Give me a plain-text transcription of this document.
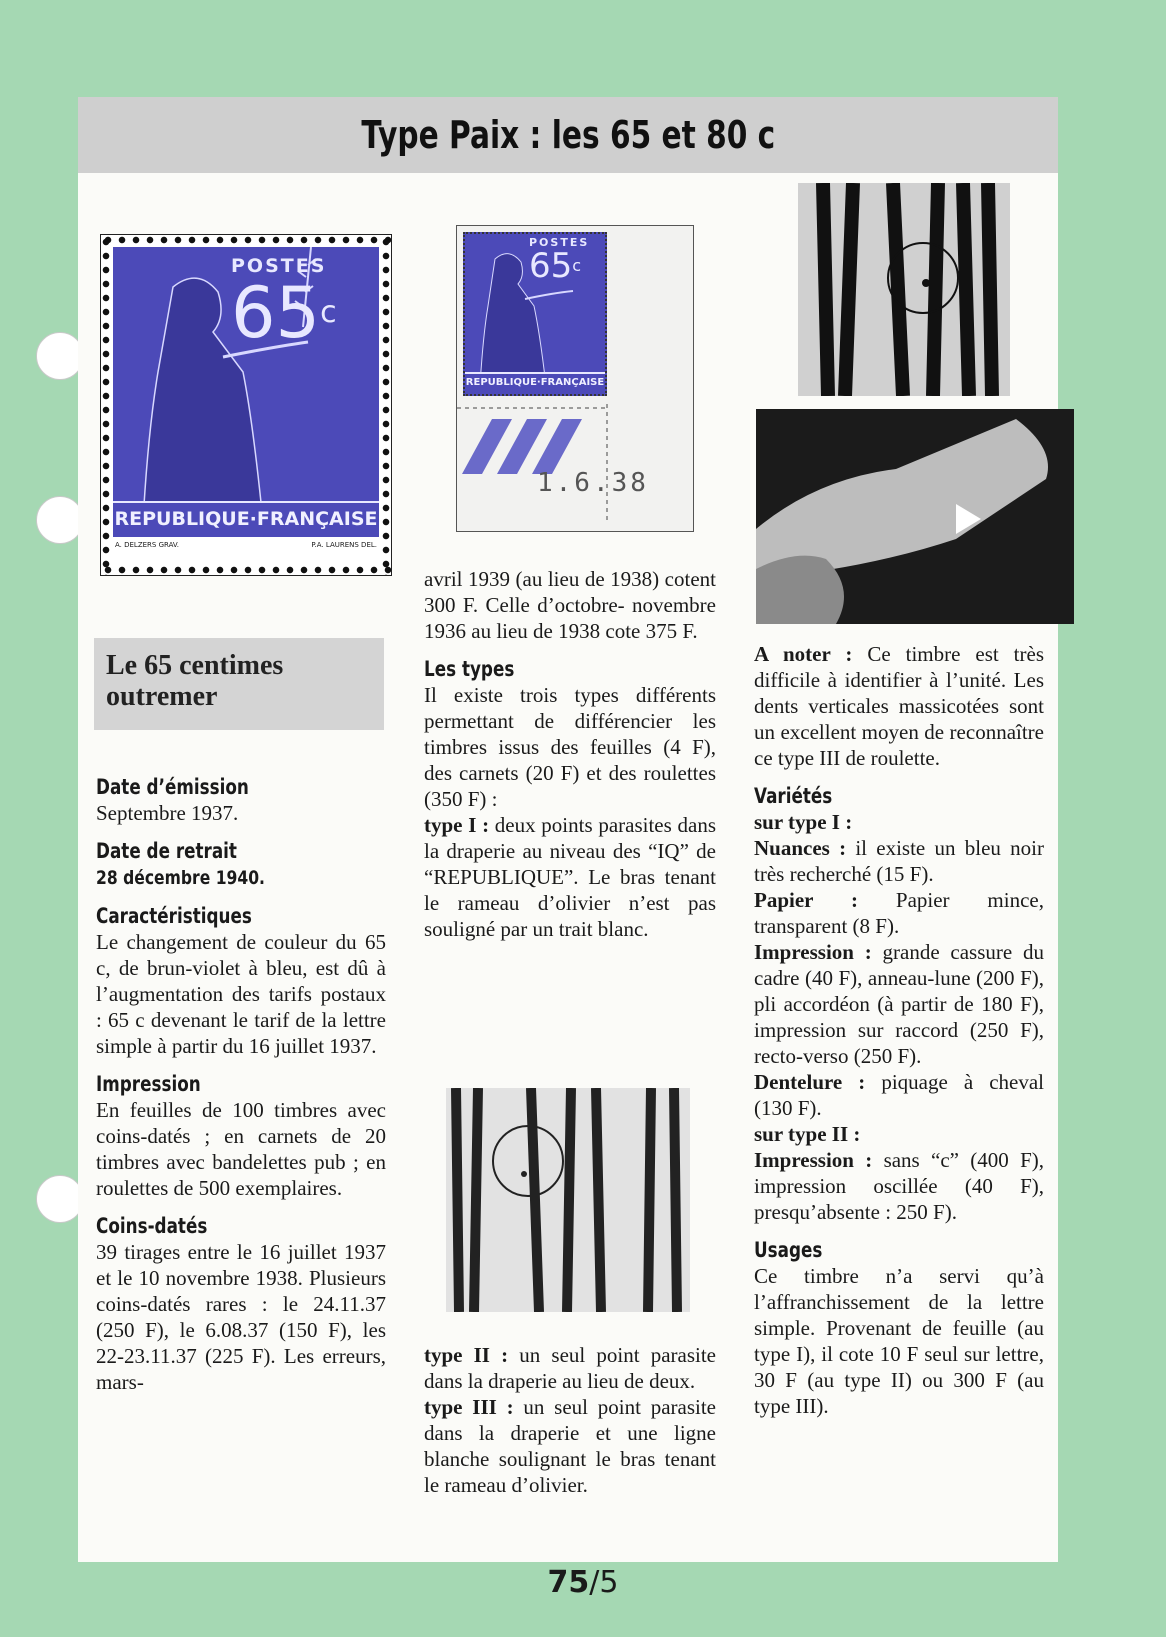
Type Paix : les 65 et 80 c
POSTES
65$^c$
REPUBLIQUE·FRANÇAISE
A. DELZERS GRAV.	P.A. LAURENS DEL.
POSTES
65$^c$
REPUBLIQUE·FRANÇAISE
1.6.38
Le 65 centimes outremer

Date d’émission

Septembre 1937.

Date de retrait

28 décembre 1940.

Caractéristiques

Le changement de couleur du 65 c, de brun-violet à bleu, est dû à l’augmentation des tarifs postaux : 65 c devenant le tarif de la lettre simple à partir du 16 juillet 1937.

Impression

En feuilles de 100 timbres avec coins-datés ; en carnets de 20 timbres avec bandelettes pub ; en roulettes de 500 exemplaires.

Coins-datés

39 tirages entre le 16 juillet 1937 et le 10 novembre 1938. Plusieurs coins-datés rares : le 24.11.37 (250 F), le 6.08.37 (150 F), les 22-23.11.37 (225 F). Les erreurs, mars-

avril 1939 (au lieu de 1938) cotent 300 F. Celle d’octobre- novembre 1936 au lieu de 1938 cote 375 F.

Les types

Il existe trois types différents permettant de différencier les timbres issus des feuilles (4 F), des carnets (20 F) et des roulettes (350 F) :

type I : deux points parasites dans la draperie au niveau des “IQ” de “REPUBLIQUE”. Le bras tenant le rameau d’olivier n’est pas souligné par un trait blanc.

type II : un seul point parasite dans la draperie au lieu de deux.

type III : un seul point parasite dans la draperie et une ligne blanche soulignant le bras tenant le rameau d’olivier.

A noter : Ce timbre est très difficile à identifier à l’unité. Les dents verticales massicotées sont un excellent moyen de reconnaître ce type III de roulette.

Variétés

sur type I :

Nuances : il existe un bleu noir très recherché (15 F).

Papier : Papier mince, transparent (8 F).

Impression : grande cassure du cadre (40 F), anneau-lune (200 F), pli accordéon (à partir de 180 F), impression sur raccord (250 F), recto-verso (250 F).

Dentelure : piquage à cheval (130 F).

sur type II :

Impression : sans “c” (400 F), impression oscillée (40 F), presqu’absente : 250 F).

Usages

Ce timbre n’a servi qu’à l’affranchissement de la lettre simple. Provenant de feuille (au type I), il cote 10 F seul sur lettre, 30 F (au type II) ou 300 F (au type III).

75/5
